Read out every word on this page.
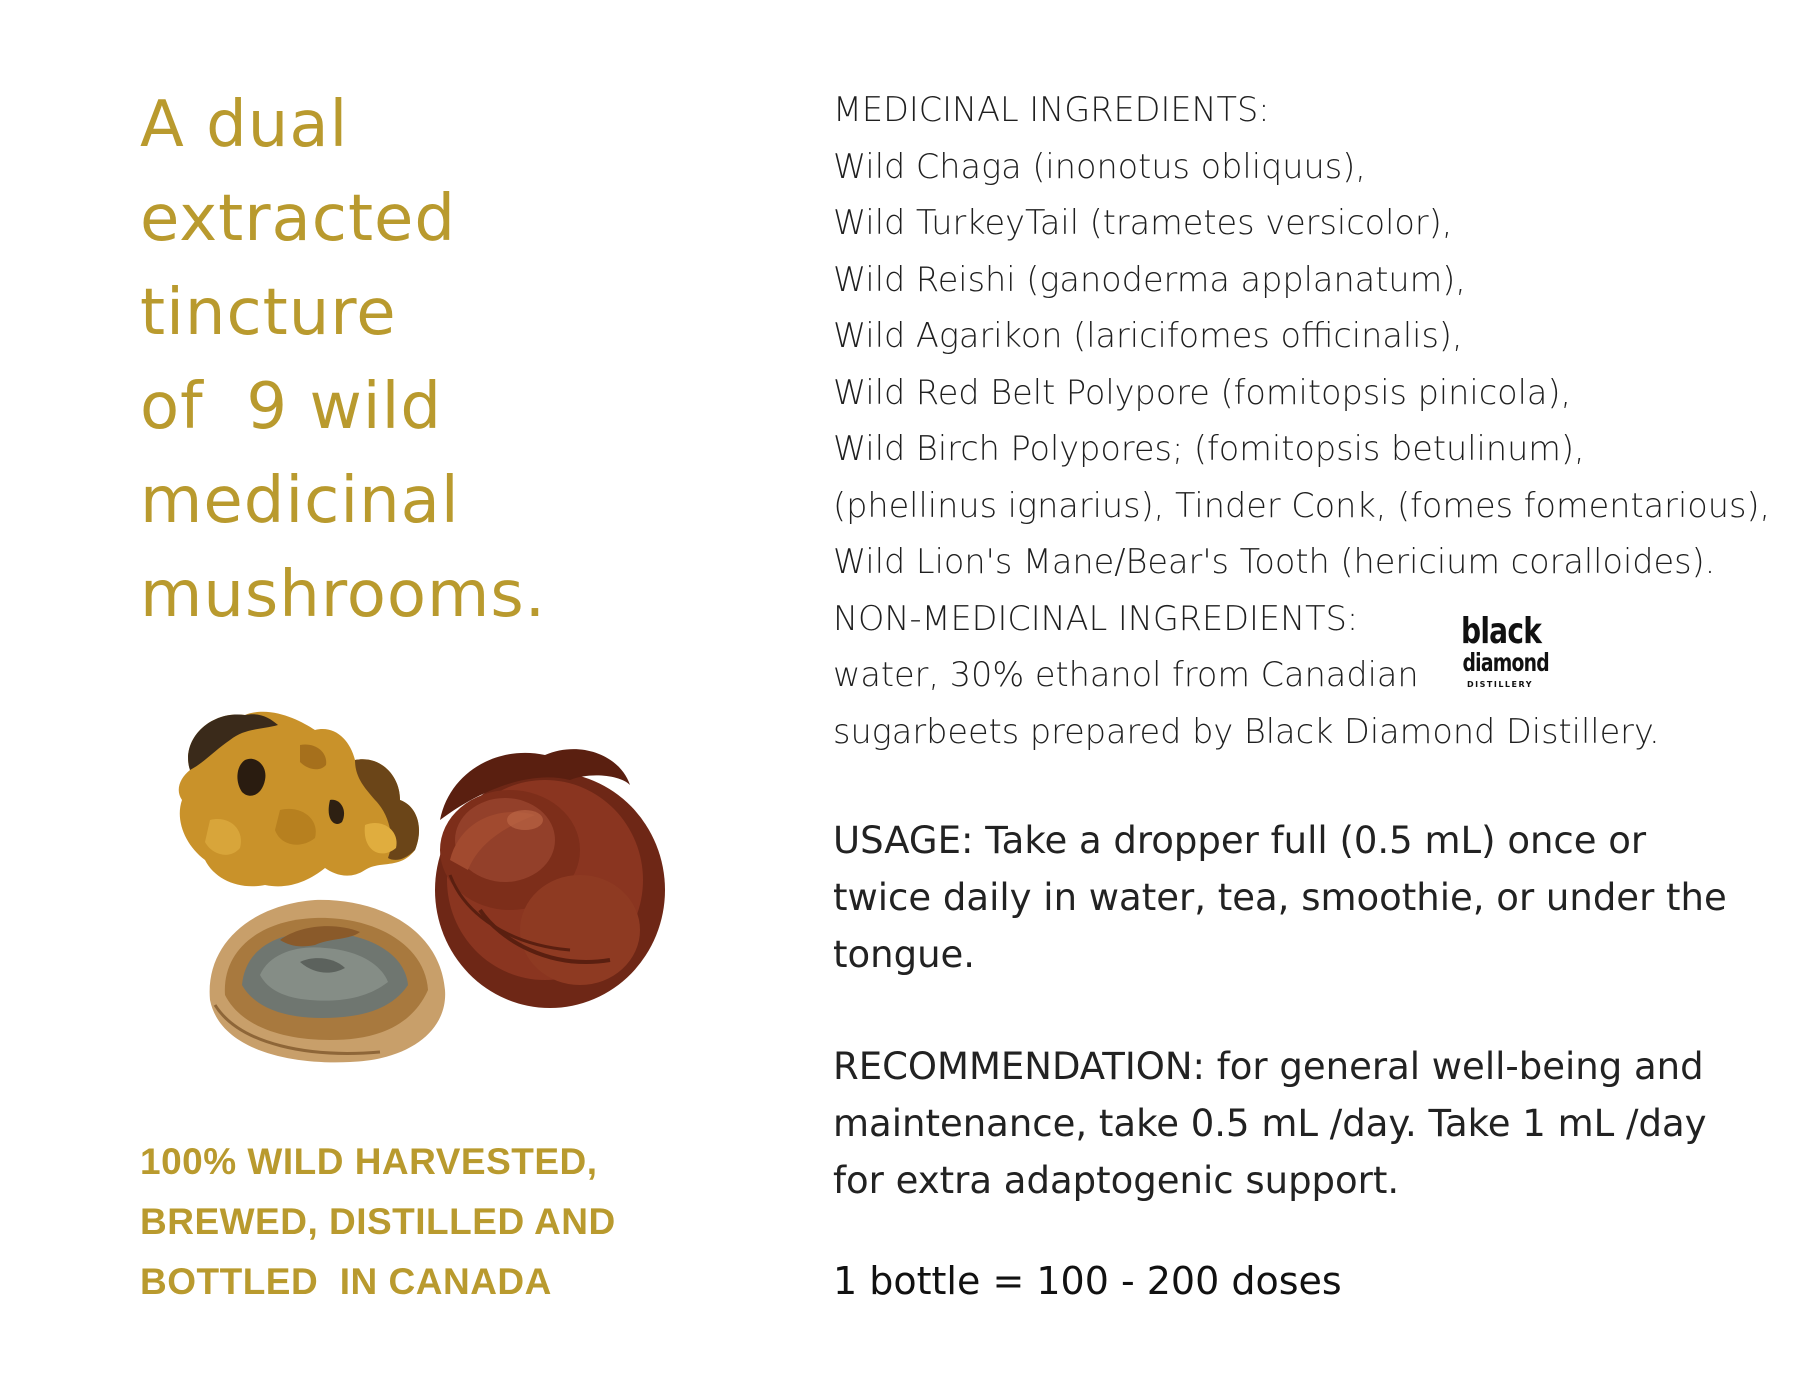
A dual
extracted
tincture
of  9 wild
medicinal
mushrooms.

100% WILD HARVESTED,
BREWED, DISTILLED AND
BOTTLED  IN CANADA

MEDICINAL INGREDIENTS:
Wild Chaga (inonotus obliquus),
Wild TurkeyTail (trametes versicolor),
Wild Reishi (ganoderma applanatum),
Wild Agarikon (laricifomes officinalis),
Wild Red Belt Polypore (fomitopsis pinicola),
Wild Birch Polypores; (fomitopsis betulinum),
(phellinus ignarius), Tinder Conk, (fomes fomentarious),
Wild Lion's Mane/Bear's Tooth (hericium coralloides).
NON-MEDICINAL INGREDIENTS:
water, 30% ethanol from Canadian
sugarbeets prepared by Black Diamond Distillery.
black
diamond
DISTILLERY

USAGE: Take a dropper full (0.5 mL) once or
twice daily in water, tea, smoothie, or under the
tongue.

RECOMMENDATION: for general well-being and
maintenance, take 0.5 mL /day. Take 1 mL /day
for extra adaptogenic support.

1 bottle = 100 - 200 doses
